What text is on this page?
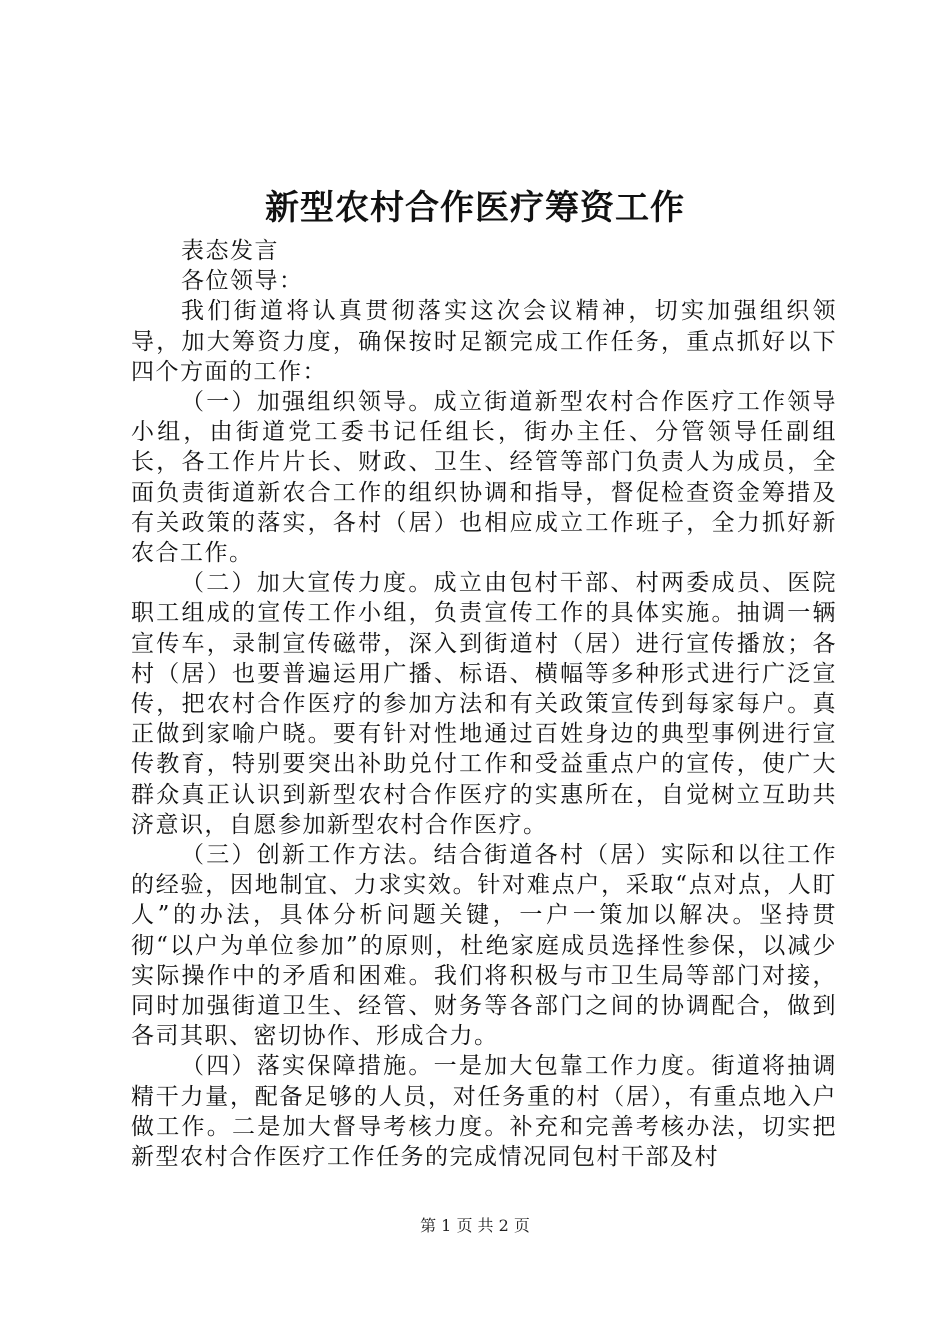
新型农村合作医疗筹资工作

表态发言

各位领导：

我们街道将认真贯彻落实这次会议精神，切实加强组织领导，加大筹资力度，确保按时足额完成工作任务，重点抓好以下四个方面的工作：

（一）加强组织领导。成立街道新型农村合作医疗工作领导小组，由街道党工委书记任组长，街办主任、分管领导任副组长，各工作片片长、财政、卫生、经管等部门负责人为成员，全面负责街道新农合工作的组织协调和指导，督促检查资金筹措及有关政策的落实，各村（居）也相应成立工作班子，全力抓好新农合工作。

（二）加大宣传力度。成立由包村干部、村两委成员、医院职工组成的宣传工作小组，负责宣传工作的具体实施。抽调一辆宣传车，录制宣传磁带，深入到街道村（居）进行宣传播放；各村（居）也要普遍运用广播、标语、横幅等多种形式进行广泛宣传，把农村合作医疗的参加方法和有关政策宣传到每家每户。真正做到家喻户晓。要有针对性地通过百姓身边的典型事例进行宣传教育，特别要突出补助兑付工作和受益重点户的宣传，使广大群众真正认识到新型农村合作医疗的实惠所在，自觉树立互助共济意识，自愿参加新型农村合作医疗。

（三）创新工作方法。结合街道各村（居）实际和以往工作的经验，因地制宜、力求实效。针对难点户，采取“点对点，人盯人”的办法，具体分析问题关键，一户一策加以解决。坚持贯彻“以户为单位参加”的原则，杜绝家庭成员选择性参保，以减少实际操作中的矛盾和困难。我们将积极与市卫生局等部门对接，同时加强街道卫生、经管、财务等各部门之间的协调配合，做到各司其职、密切协作、形成合力。

（四）落实保障措施。一是加大包靠工作力度。街道将抽调精干力量，配备足够的人员，对任务重的村（居），有重点地入户做工作。二是加大督导考核力度。补充和完善考核办法，切实把新型农村合作医疗工作任务的完成情况同包村干部及村

第 1 页 共 2 页
